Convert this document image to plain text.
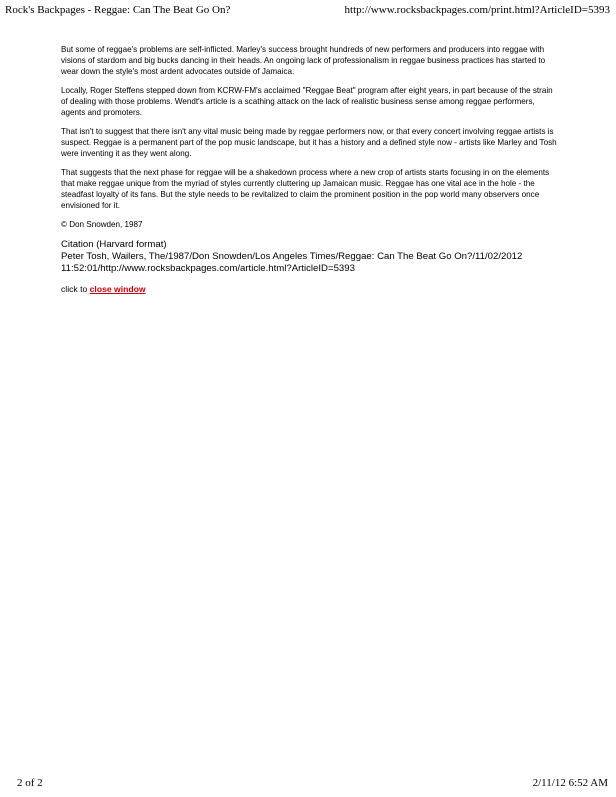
Rock's Backpages - Reggae: Can The Beat Go On?	http://www.rocksbackpages.com/print.html?ArticleID=5393

But some of reggae's problems are self-inflicted. Marley's success brought hundreds of new performers and producers into reggae with visions of stardom and big bucks dancing in their heads. An ongoing lack of professionalism in reggae business practices has started to wear down the style's most ardent advocates outside of Jamaica.

Locally, Roger Steffens stepped down from KCRW-FM's acclaimed "Reggae Beat" program after eight years, in part because of the strain of dealing with those problems. Wendt's article is a scathing attack on the lack of realistic business sense among reggae performers, agents and promoters.

That isn't to suggest that there isn't any vital music being made by reggae performers now, or that every concert involving reggae artists is suspect. Reggae is a permanent part of the pop music landscape, but it has a history and a defined style now - artists like Marley and Tosh were inventing it as they went along.

That suggests that the next phase for reggae will be a shakedown process where a new crop of artists starts focusing in on the elements that make reggae unique from the myriad of styles currently cluttering up Jamaican music. Reggae has one vital ace in the hole - the steadfast loyalty of its fans. But the style needs to be revitalized to claim the prominent position in the pop world many observers once envisioned for it.

© Don Snowden, 1987

Citation (Harvard format)
Peter Tosh, Wailers, The/1987/Don Snowden/Los Angeles Times/Reggae: Can The Beat Go On?/11/02/2012
11:52:01/http://www.rocksbackpages.com/article.html?ArticleID=5393
click to close window
2 of 2	2/11/12 6:52 AM
